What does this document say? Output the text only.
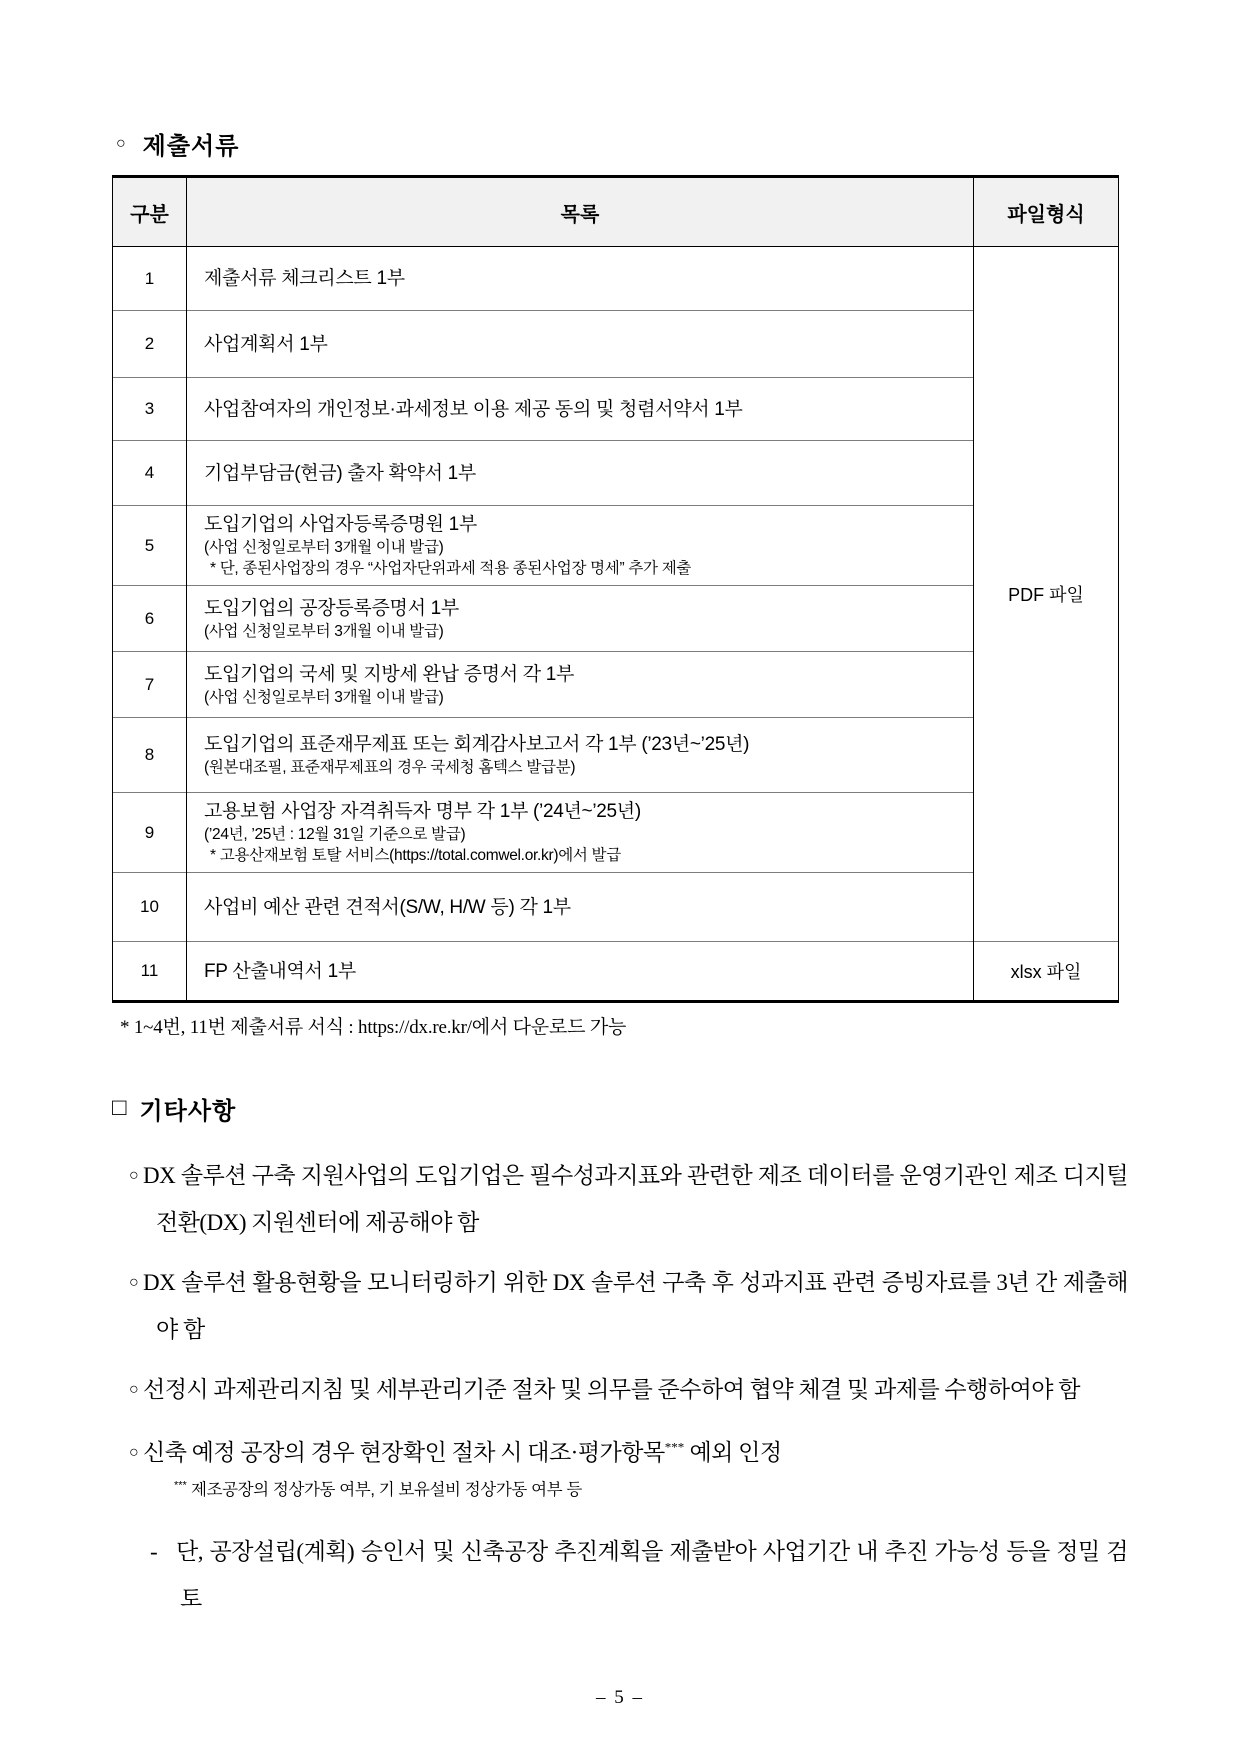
○ 제출서류
구분	목록	파일형식
1	제출서류 체크리스트 1부	PDF 파일
2	사업계획서 1부	

3	사업참여자의 개인정보·과세정보 이용 제공 동의 및 청렴서약서 1부	

4	기업부담금(현금) 출자 확약서 1부	

5	도입기업의 사업자등록증명원 1부
(사업 신청일로부터 3개월 이내 발급)
* 단, 종된사업장의 경우 “사업자단위과세 적용 종된사업장 명세” 추가 제출	

6	도입기업의 공장등록증명서 1부
(사업 신청일로부터 3개월 이내 발급)	

7	도입기업의 국세 및 지방세 완납 증명서 각 1부
(사업 신청일로부터 3개월 이내 발급)	

8	도입기업의 표준재무제표 또는 회계감사보고서 각 1부 (’23년~’25년)
(원본대조필, 표준재무제표의 경우 국세청 홈텍스 발급분)	

9	고용보험 사업장 자격취득자 명부 각 1부 (’24년~’25년)
(’24년, ’25년 : 12월 31일 기준으로 발급)
* 고용산재보험 토탈 서비스(https://total.comwel.or.kr)에서 발급	

10	사업비 예산 관련 견적서(S/W, H/W 등) 각 1부	

11	FP 산출내역서 1부	xlsx 파일
* 1~4번, 11번 제출서류 서식 : https://dx.re.kr/에서 다운로드 가능
□ 기타사항
○ DX 솔루션 구축 지원사업의 도입기업은 필수성과지표와 관련한 제조 데이터를 운영기관인 제조 디지털전환(DX) 지원센터에 제공해야 함
○ DX 솔루션 활용현황을 모니터링하기 위한 DX 솔루션 구축 후 성과지표 관련 증빙자료를 3년 간 제출해야 함
○ 선정시 과제관리지침 및 세부관리기준 절차 및 의무를 준수하여 협약 체결 및 과제를 수행하여야 함
○ 신축 예정 공장의 경우 현장확인 절차 시 대조·평가항목*** 예외 인정
*** 제조공장의 정상가동 여부, 기 보유설비 정상가동 여부 등
- 단, 공장설립(계획) 승인서 및 신축공장 추진계획을 제출받아 사업기간 내 추진 가능성 등을 정밀 검토
– 5 –
